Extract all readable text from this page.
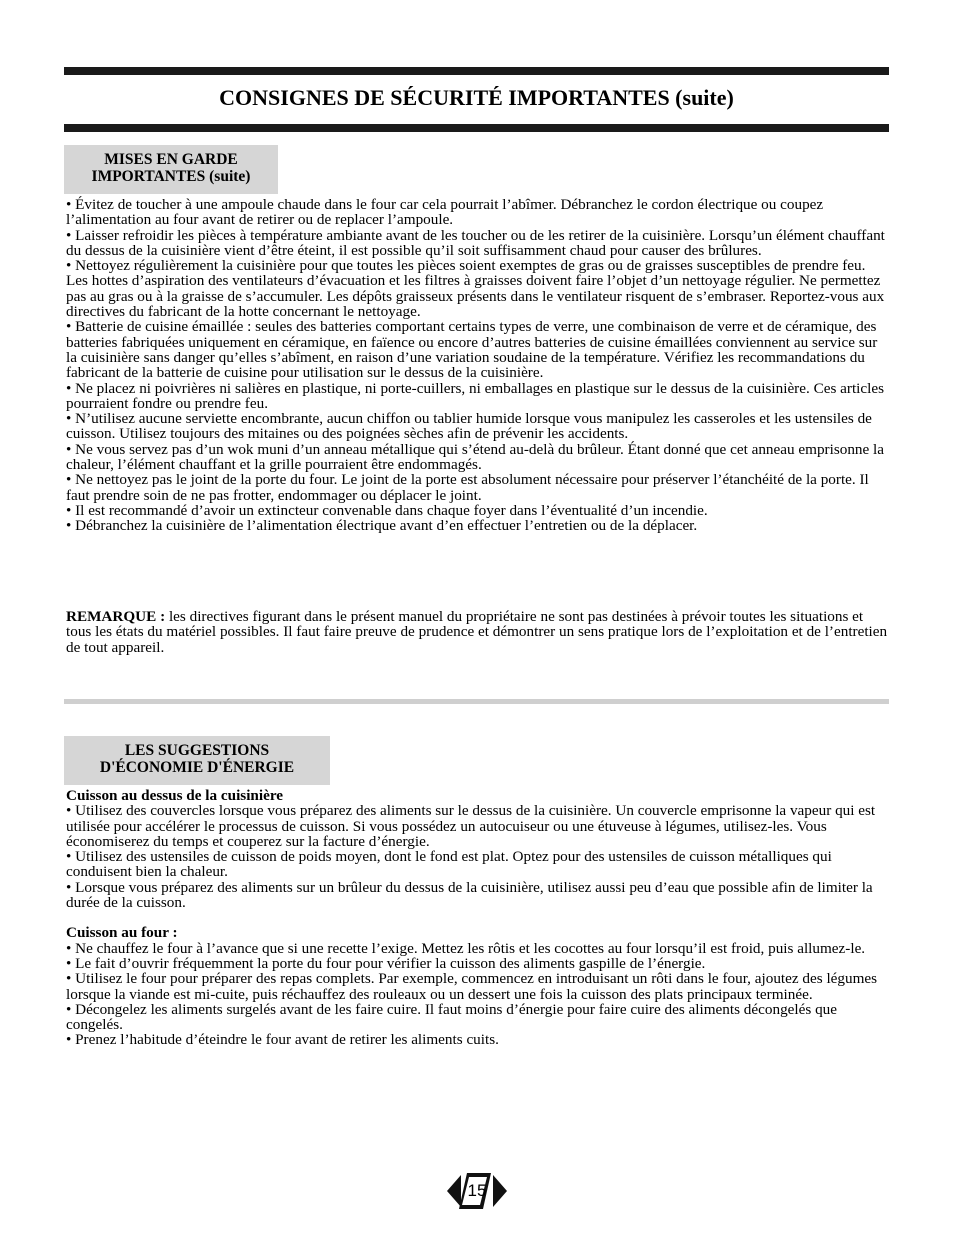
CONSIGNES DE SÉCURITÉ IMPORTANTES (suite)
MISES EN GARDE
IMPORTANTES (suite)

• Évitez de toucher à une ampoule chaude dans le four car cela pourrait l’abîmer. Débranchez le cordon électrique ou coupez l’alimentation au four avant de retirer ou de replacer l’ampoule.

• Laisser refroidir les pièces à température ambiante avant de les toucher ou de les retirer de la cuisinière. Lorsqu’un élément chauffant du dessus de la cuisinière vient d’être éteint, il est possible qu’il soit suffisamment chaud pour causer des brûlures.

• Nettoyez régulièrement la cuisinière pour que toutes les pièces soient exemptes de gras ou de graisses susceptibles de prendre feu. Les hottes d’aspiration des ventilateurs d’évacuation et les filtres à graisses doivent faire l’objet d’un nettoyage régulier. Ne permettez pas au gras ou à la graisse de s’accumuler. Les dépôts graisseux présents dans le ventilateur risquent de s’embraser. Reportez-vous aux directives du fabricant de la hotte concernant le nettoyage.

• Batterie de cuisine émaillée : seules des batteries comportant certains types de verre, une combinaison de verre et de céramique, des batteries fabriquées uniquement en céramique, en faïence ou encore d’autres batteries de cuisine émaillées conviennent au service sur la cuisinière sans danger qu’elles s’abîment, en raison d’une variation soudaine de la température. Vérifiez les recommandations du fabricant de la batterie de cuisine pour utilisation sur le dessus de la cuisinière.

• Ne placez ni poivrières ni salières en plastique, ni porte-cuillers, ni emballages en plastique sur le dessus de la cuisinière. Ces articles pourraient fondre ou prendre feu.

• N’utilisez aucune serviette encombrante, aucun chiffon ou tablier humide lorsque vous manipulez les casseroles et les ustensiles de cuisson. Utilisez toujours des mitaines ou des poignées sèches afin de prévenir les accidents.

• Ne vous servez pas d’un wok muni d’un anneau métallique qui s’étend au-delà du brûleur. Étant donné que cet anneau emprisonne la chaleur, l’élément chauffant et la grille pourraient être endommagés.

• Ne nettoyez pas le joint de la porte du four. Le joint de la porte est absolument nécessaire pour préserver l’étanchéité de la porte. Il faut prendre soin de ne pas frotter, endommager ou déplacer le joint.

• Il est recommandé d’avoir un extincteur convenable dans chaque foyer dans l’éventualité d’un incendie.

• Débranchez la cuisinière de l’alimentation électrique avant d’en effectuer l’entretien ou de la déplacer.

REMARQUE : les directives figurant dans le présent manuel du propriétaire ne sont pas destinées à prévoir toutes les situations et tous les états du matériel possibles. Il faut faire preuve de prudence et démontrer un sens pratique lors de l’exploitation et de l’entretien de tout appareil.

LES SUGGESTIONS
D'ÉCONOMIE D'ÉNERGIE

Cuisson au dessus de la cuisinière

• Utilisez des couvercles lorsque vous préparez des aliments sur le dessus de la cuisinière. Un couvercle emprisonne la vapeur qui est utilisée pour accélérer le processus de cuisson. Si vous possédez un autocuiseur ou une étuveuse à légumes, utilisez-les. Vous économiserez du temps et couperez sur la facture d’énergie.

• Utilisez des ustensiles de cuisson de poids moyen, dont le fond est plat. Optez pour des ustensiles de cuisson métalliques qui conduisent bien la chaleur.

• Lorsque vous préparez des aliments sur un brûleur du dessus de la cuisinière, utilisez aussi peu d’eau que possible afin de limiter la durée de la cuisson.

Cuisson au four :

• Ne chauffez le four à l’avance que si une recette l’exige. Mettez les rôtis et les cocottes au four lorsqu’il est froid, puis allumez-le.

• Le fait d’ouvrir fréquemment la porte du four pour vérifier la cuisson des aliments gaspille de l’énergie.

• Utilisez le four pour préparer des repas complets. Par exemple, commencez en introduisant un rôti dans le four, ajoutez des légumes lorsque la viande est mi-cuite, puis réchauffez des rouleaux ou un dessert une fois la cuisson des plats principaux terminée.

• Décongelez les aliments surgelés avant de les faire cuire. Il faut moins d’énergie pour faire cuire des aliments décongelés que congelés.

• Prenez l’habitude d’éteindre le four avant de retirer les aliments cuits.

15
